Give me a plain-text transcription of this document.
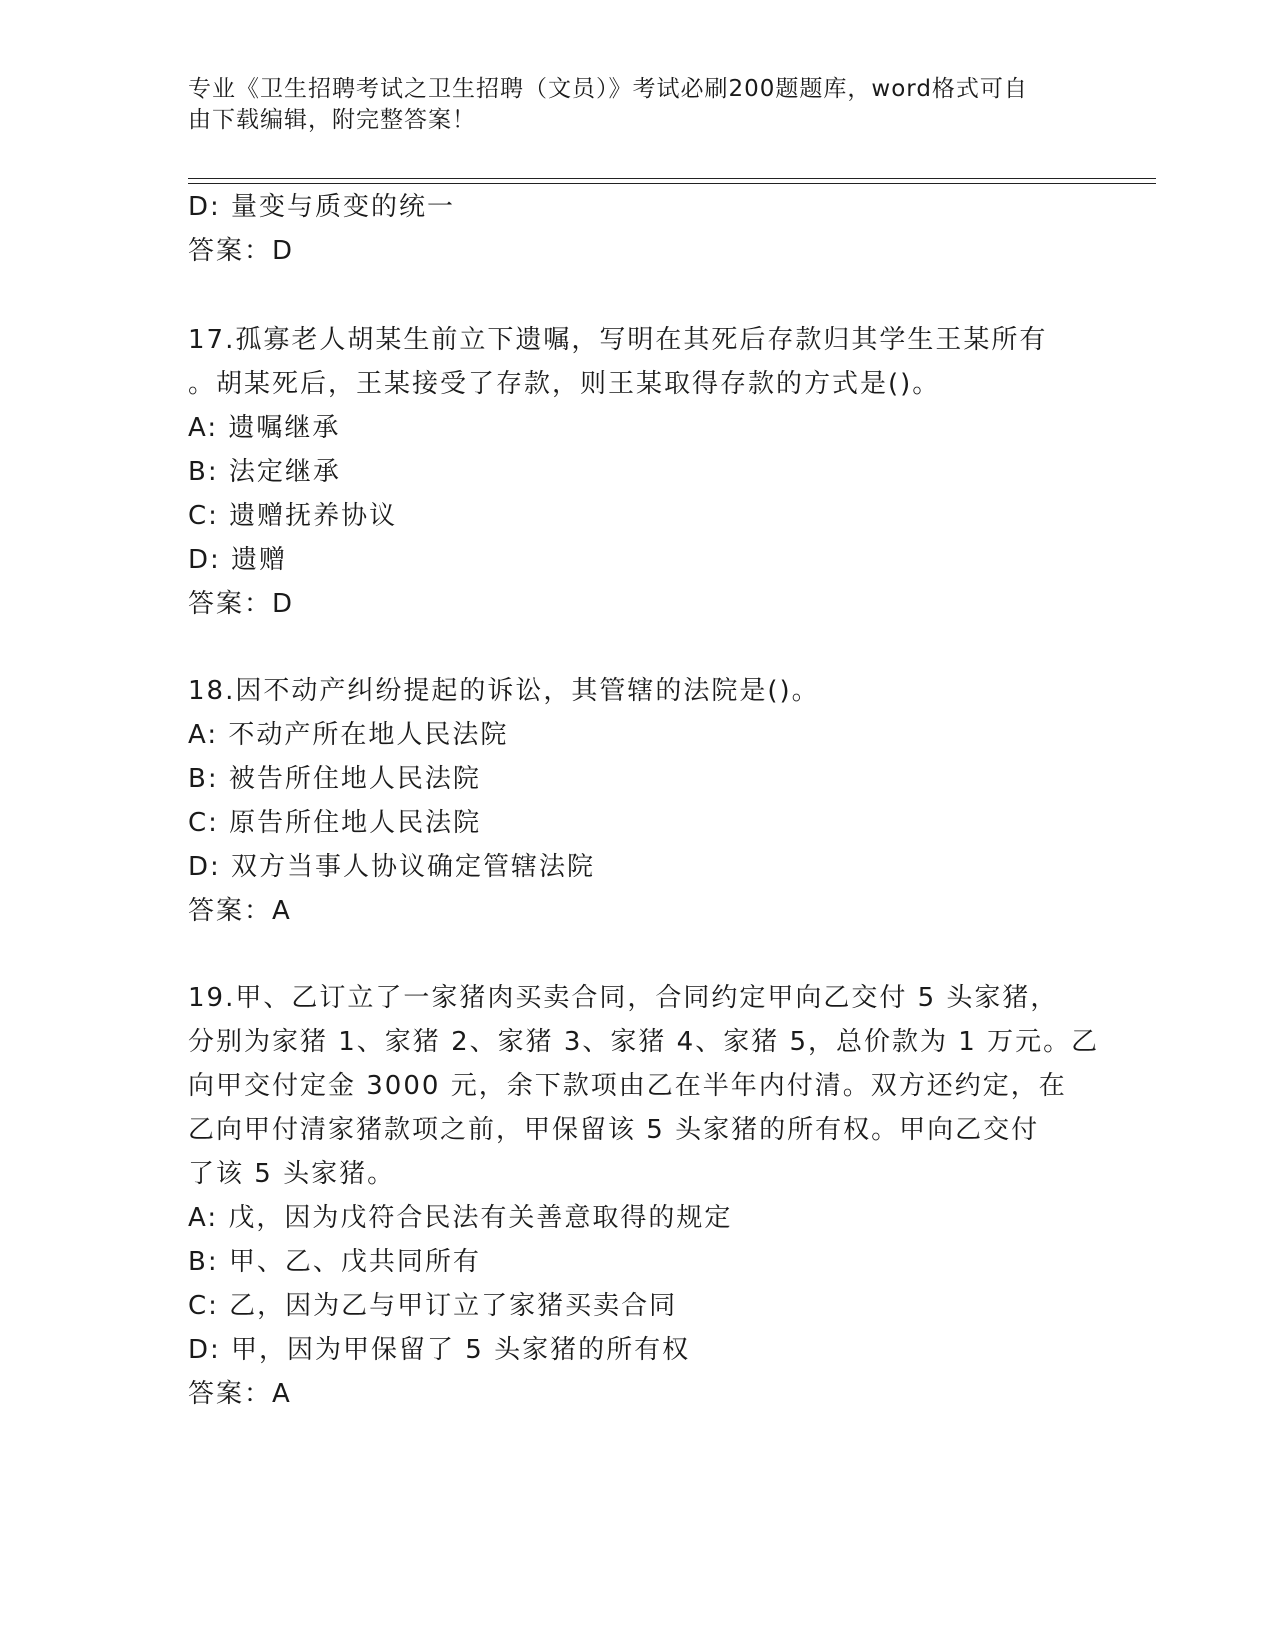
专业《卫生招聘考试之卫生招聘（文员）》考试必刷200题题库，word格式可自
由下载编辑，附完整答案！

D: 量变与质变的统一
答案：D
17.孤寡老人胡某生前立下遗嘱，写明在其死后存款归其学生王某所有
。胡某死后，王某接受了存款，则王某取得存款的方式是()。
A: 遗嘱继承
B: 法定继承
C: 遗赠抚养协议
D: 遗赠
答案：D
18.因不动产纠纷提起的诉讼，其管辖的法院是()。
A: 不动产所在地人民法院
B: 被告所住地人民法院
C: 原告所住地人民法院
D: 双方当事人协议确定管辖法院
答案：A
19.甲、乙订立了一家猪肉买卖合同，合同约定甲向乙交付 5 头家猪，
分别为家猪 1、家猪 2、家猪 3、家猪 4、家猪 5，总价款为 1 万元。乙
向甲交付定金 3000 元，余下款项由乙在半年内付清。双方还约定，在
乙向甲付清家猪款项之前，甲保留该 5 头家猪的所有权。甲向乙交付
了该 5 头家猪。
A: 戊，因为戊符合民法有关善意取得的规定
B: 甲、乙、戊共同所有
C: 乙，因为乙与甲订立了家猪买卖合同
D: 甲，因为甲保留了 5 头家猪的所有权
答案：A
